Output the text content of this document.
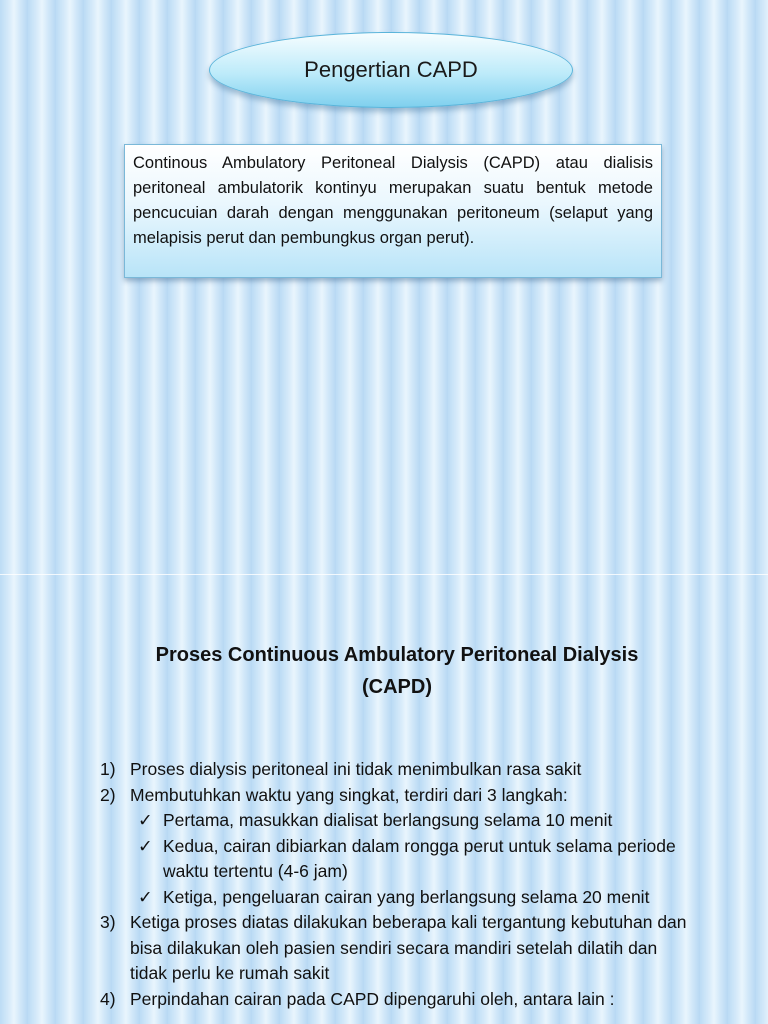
Pengertian CAPD

Continous Ambulatory Peritoneal Dialysis (CAPD) atau dialisis peritoneal ambulatorik kontinyu merupakan suatu bentuk metode pencucuian darah dengan menggunakan peritoneum (selaput yang melapisis perut dan pembungkus organ perut).

Proses Continuous Ambulatory Peritoneal Dialysis
(CAPD)
1) Proses dialysis peritoneal ini tidak menimbulkan rasa sakit
2) Membutuhkan waktu yang singkat, terdiri dari 3 langkah:
✓ Pertama, masukkan dialisat berlangsung selama 10 menit
✓ Kedua, cairan dibiarkan dalam rongga perut untuk selama periode waktu tertentu (4-6 jam)
✓ Ketiga, pengeluaran cairan yang berlangsung selama 20 menit
3) Ketiga proses diatas dilakukan beberapa kali tergantung kebutuhan dan bisa dilakukan oleh pasien sendiri secara mandiri setelah dilatih dan tidak perlu ke rumah sakit
4) Perpindahan cairan pada CAPD dipengaruhi oleh, antara lain :
